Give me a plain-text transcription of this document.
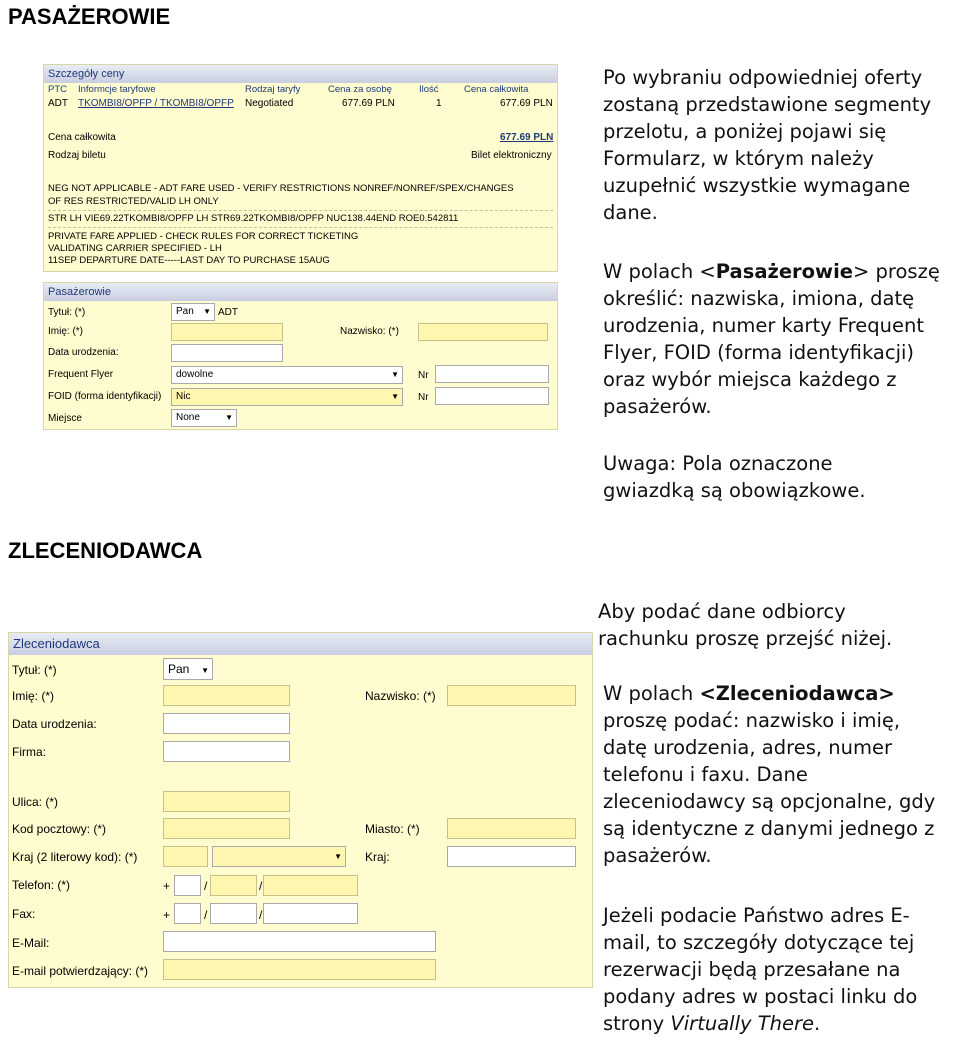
PASAŻEROWIE
ZLECENIODAWCA
Szczegóły ceny
PTC Informcje taryfowe	Rodzaj taryfy	Cena za osobę	Ilość	Cena całkowita
ADT TKOMBI8/OPFP / TKOMBI8/OPFP Negotiated	677.69 PLN	1	677.69 PLN
Cena całkowita	677.69 PLN
Rodzaj biletu	Bilet elektroniczny
NEG NOT APPLICABLE - ADT FARE USED - VERIFY RESTRICTIONS NONREF/NONREF/SPEX/CHANGES
OF RES RESTRICTED/VALID LH ONLY
STR LH VIE69.22TKOMBI8/OPFP LH STR69.22TKOMBI8/OPFP NUC138.44END ROE0.542811
PRIVATE FARE APPLIED - CHECK RULES FOR CORRECT TICKETING
VALIDATING CARRIER SPECIFIED - LH
11SEP DEPARTURE DATE-----LAST DAY TO PURCHASE 15AUG
Pasażerowie
Tytuł: (*)	Pan ▼ ADT
Imię: (*)	Nazwisko: (*)
Data urodzenia:
Frequent Flyer	dowolne	▼ Nr
FOID (forma identyfikacji)	Nic	▼ Nr
Miejsce	None	▼
Zleceniodawca
Tytuł: (*)	Pan ▼
Imię: (*)	Nazwisko: (*)
Data urodzenia:
Firma:
Ulica: (*)
Kod pocztowy: (*)	Miasto: (*)
Kraj (2 literowy kod): (*)	▼ Kraj:
Telefon: (*)	+	/	/
Fax:	+	/	/
E-Mail:
E-mail potwierdzający: (*)
Po wybraniu odpowiedniej oferty zostaną przedstawione segmenty przelotu, a poniżej pojawi się Formularz, w którym należy uzupełnić wszystkie wymagane dane.
W polach <Pasażerowie> proszę określić: nazwiska, imiona, datę urodzenia, numer karty Frequent Flyer, FOID (forma identyfikacji) oraz wybór miejsca każdego z pasażerów.
Uwaga: Pola oznaczone gwiazdką są obowiązkowe.
Aby podać dane odbiorcy rachunku proszę przejść niżej.
W polach <Zleceniodawca> proszę podać: nazwisko i imię, datę urodzenia, adres, numer telefonu i faxu. Dane zleceniodawcy są opcjonalne, gdy są identyczne z danymi jednego z pasażerów.
Jeżeli podacie Państwo adres E-mail, to szczegóły dotyczące tej rezerwacji będą przesałane na podany adres w postaci linku do strony Virtually There.
